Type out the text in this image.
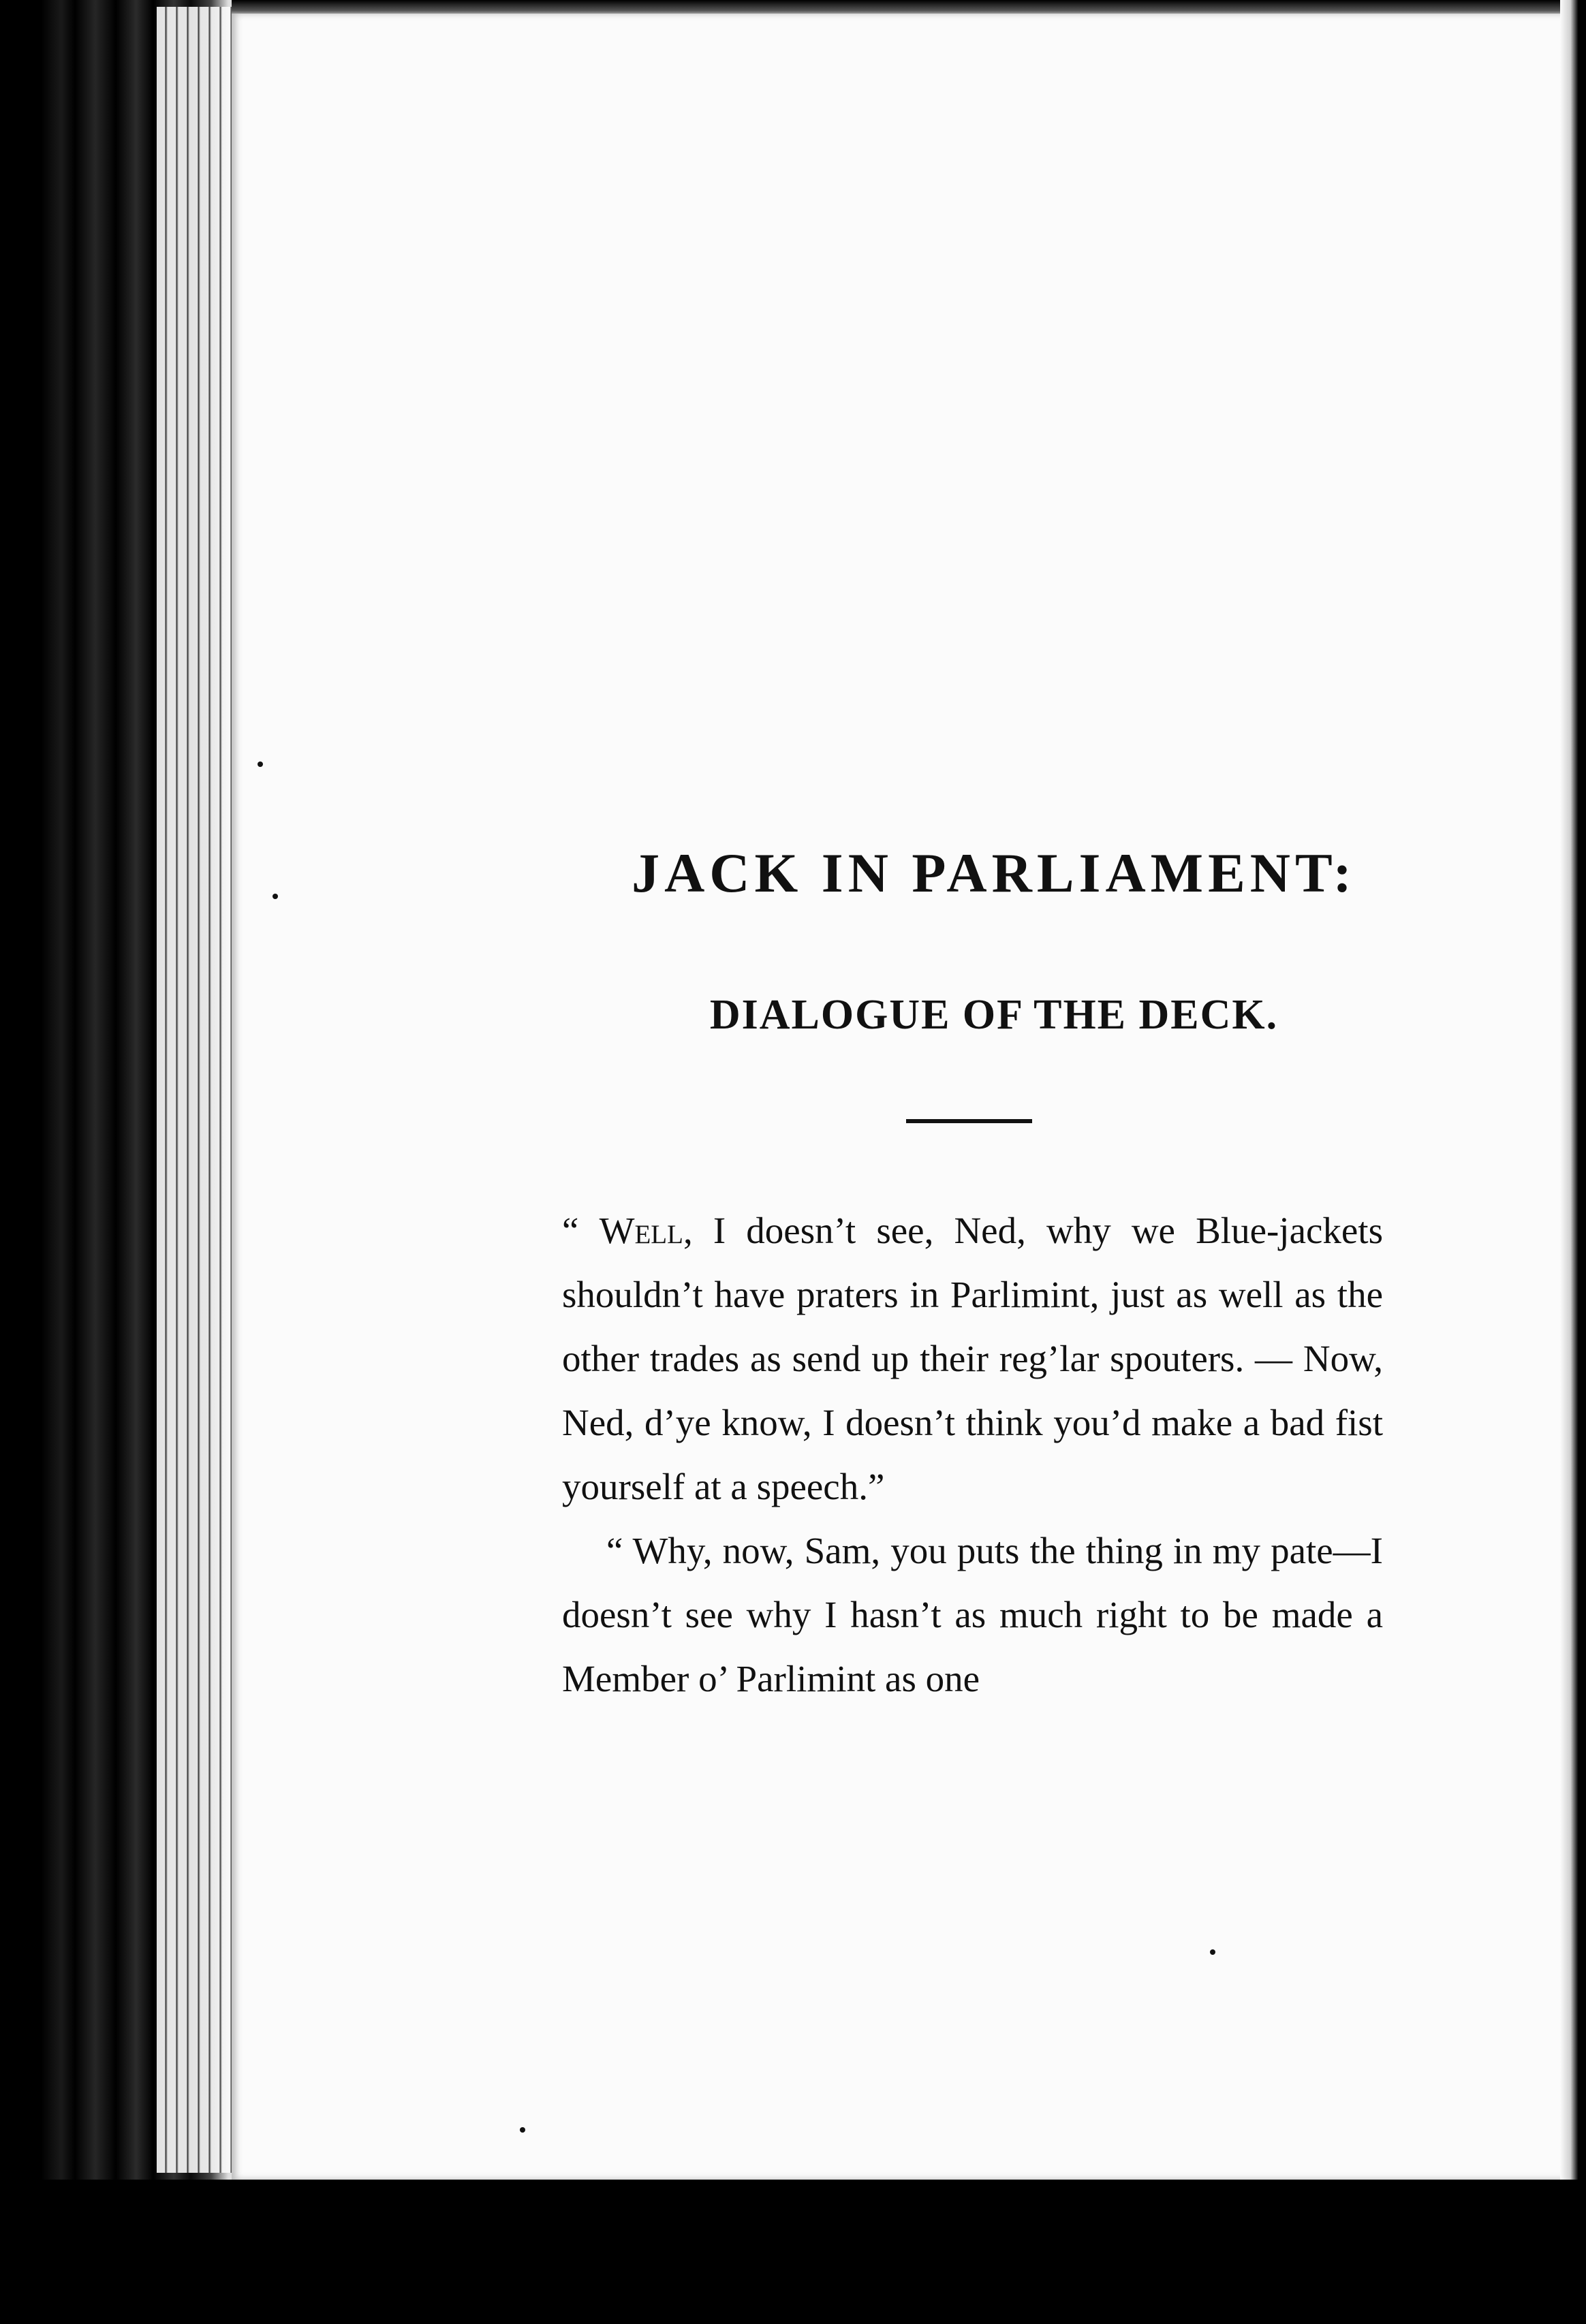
JACK IN PARLIAMENT:
DIALOGUE OF THE DECK.

“ Well, I doesn’t see, Ned, why we Blue-jackets shouldn’t have praters in Parlimint, just as well as the other trades as send up their reg’lar spouters. — Now, Ned, d’ye know, I doesn’t think you’d make a bad fist yourself at a speech.”

“ Why, now, Sam, you puts the thing in my pate—I doesn’t see why I hasn’t as much right to be made a Member o’ Parlimint as one
